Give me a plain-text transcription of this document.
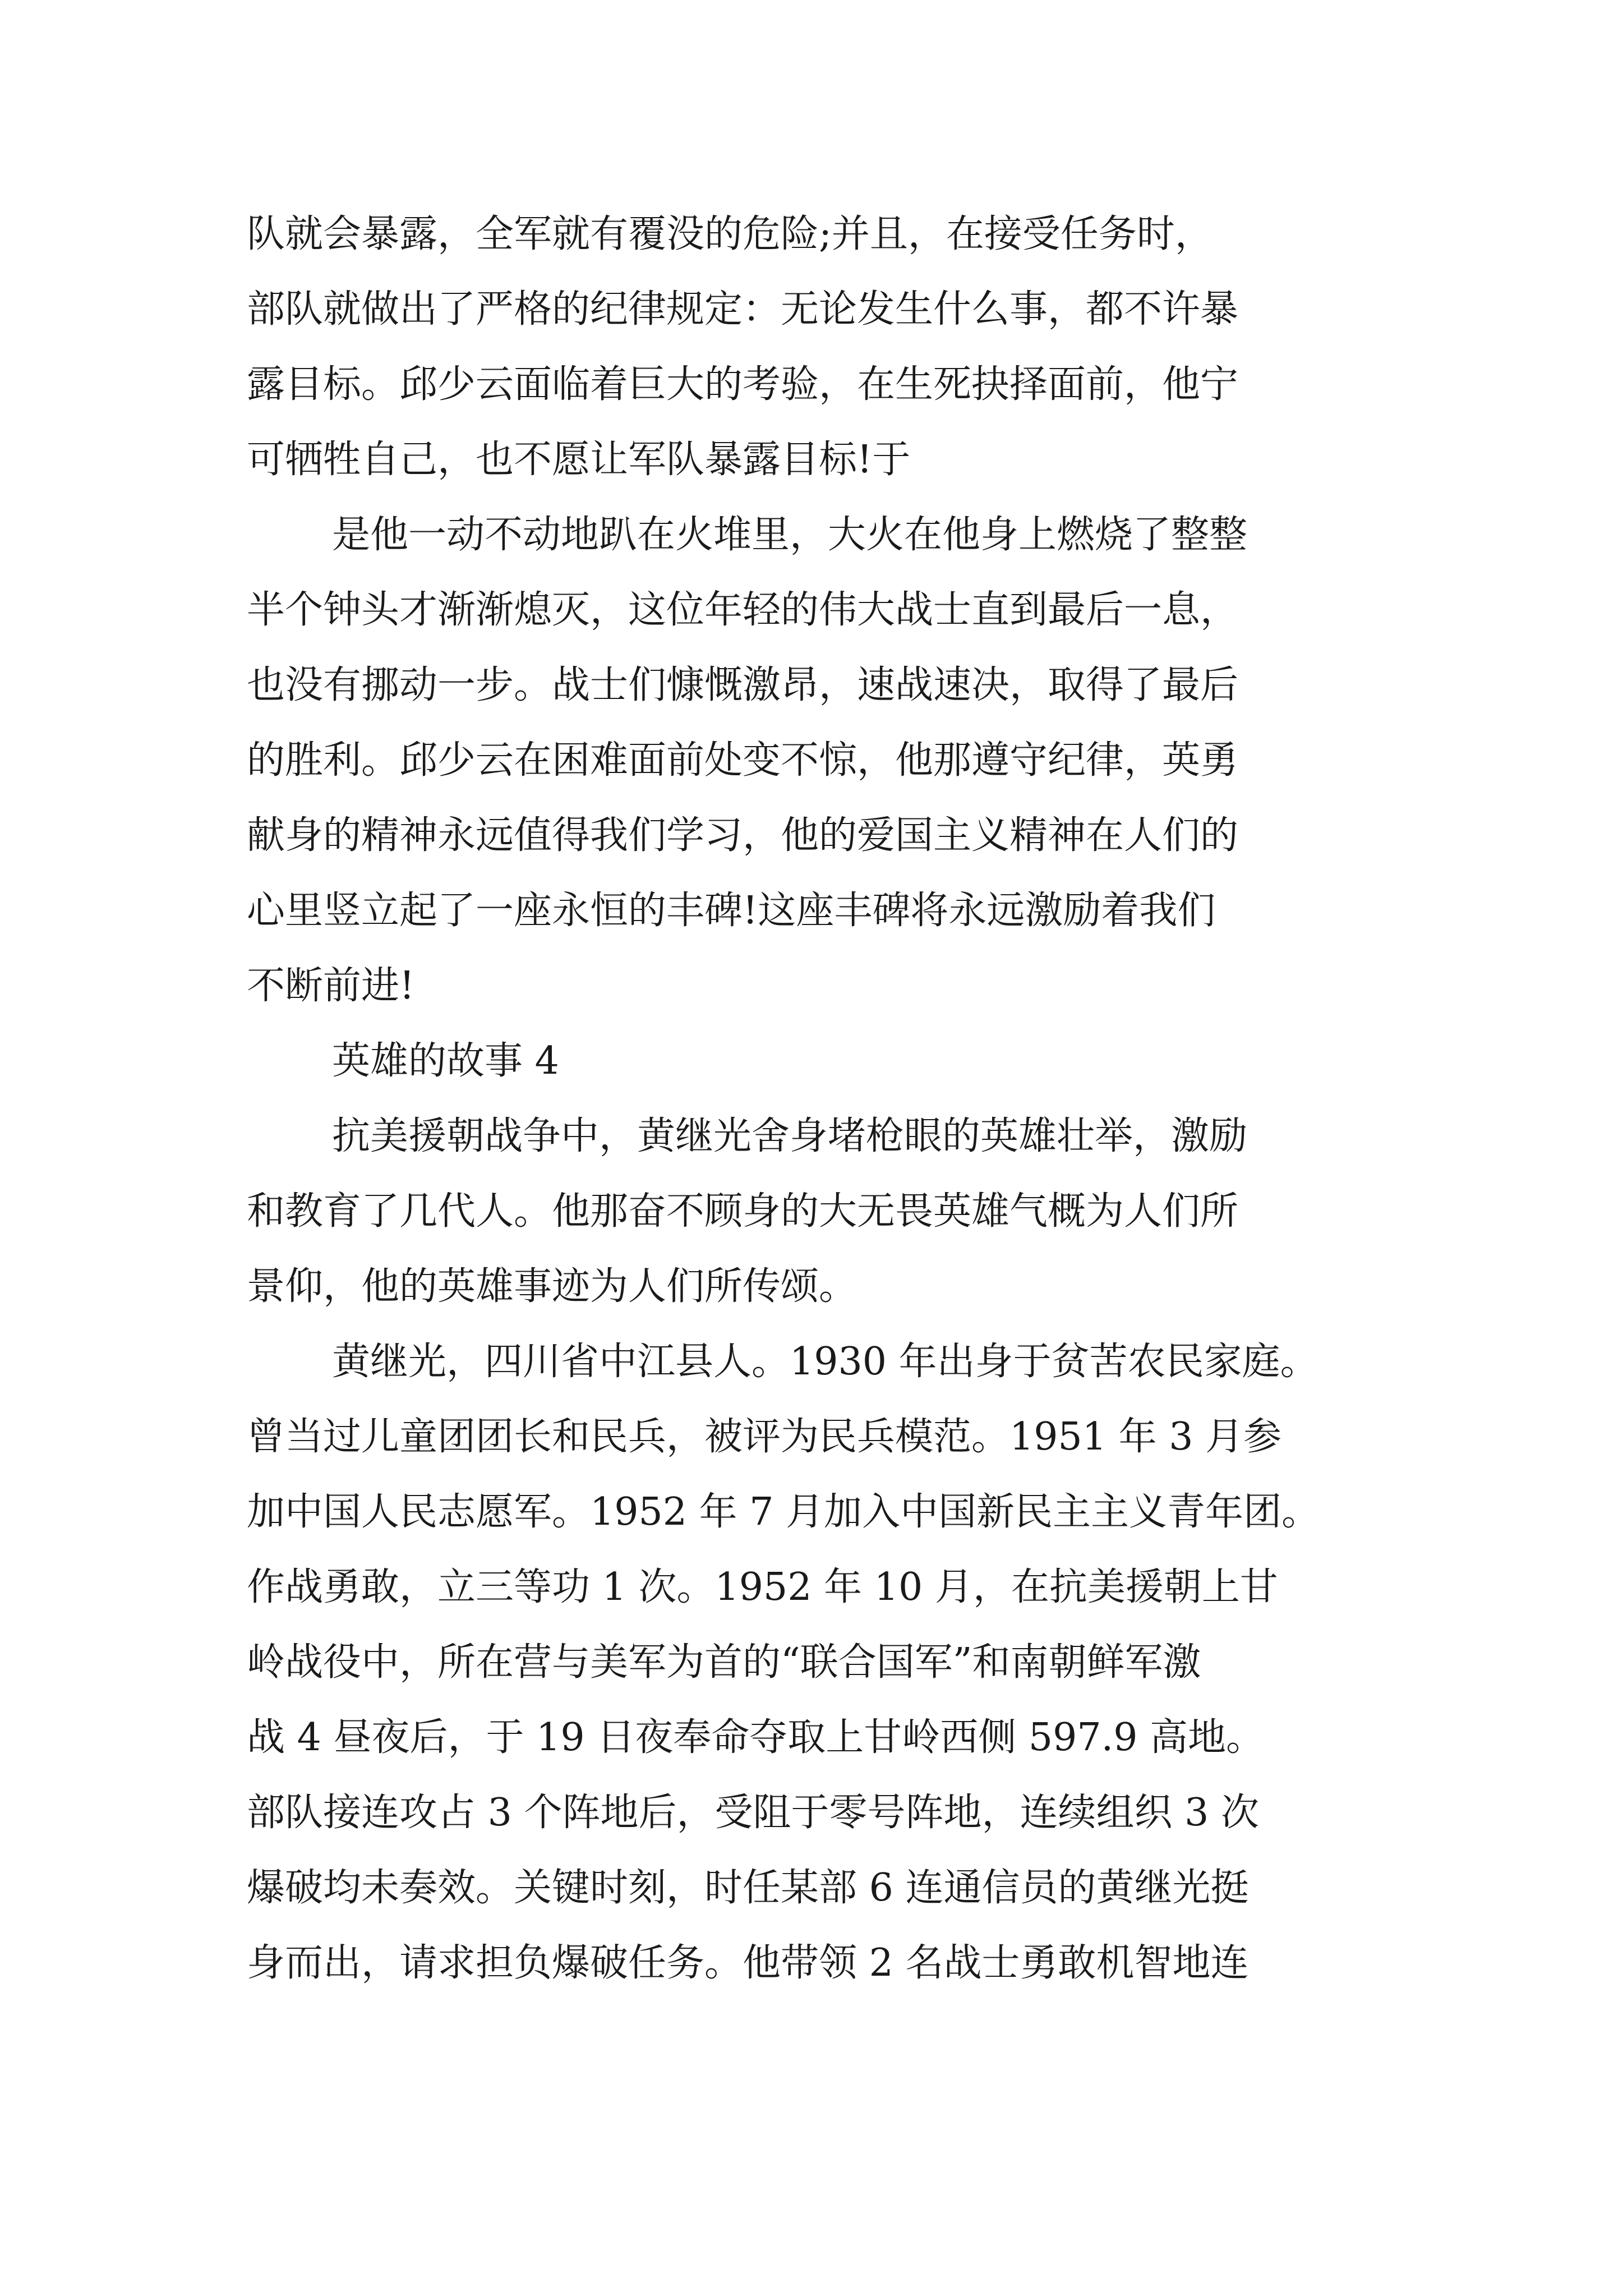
队就会暴露，全军就有覆没的危险;并且，在接受任务时，
部队就做出了严格的纪律规定：无论发生什么事，都不许暴
露目标。邱少云面临着巨大的考验，在生死抉择面前，他宁
可牺牲自己，也不愿让军队暴露目标!于
是他一动不动地趴在火堆里，大火在他身上燃烧了整整
半个钟头才渐渐熄灭，这位年轻的伟大战士直到最后一息，
也没有挪动一步。战士们慷慨激昂，速战速决，取得了最后
的胜利。邱少云在困难面前处变不惊，他那遵守纪律，英勇
献身的精神永远值得我们学习，他的爱国主义精神在人们的
心里竖立起了一座永恒的丰碑!这座丰碑将永远激励着我们
不断前进!
英雄的故事 4
抗美援朝战争中，黄继光舍身堵枪眼的英雄壮举，激励
和教育了几代人。他那奋不顾身的大无畏英雄气概为人们所
景仰，他的英雄事迹为人们所传颂。
黄继光，四川省中江县人。1930 年出身于贫苦农民家庭。
曾当过儿童团团长和民兵，被评为民兵模范。1951 年 3 月参
加中国人民志愿军。1952 年 7 月加入中国新民主主义青年团。
作战勇敢，立三等功 1 次。1952 年 10 月，在抗美援朝上甘
岭战役中，所在营与美军为首的“联合国军”和南朝鲜军激
战 4 昼夜后，于 19 日夜奉命夺取上甘岭西侧 597.9 高地。
部队接连攻占 3 个阵地后，受阻于零号阵地，连续组织 3 次
爆破均未奏效。关键时刻，时任某部 6 连通信员的黄继光挺
身而出，请求担负爆破任务。他带领 2 名战士勇敢机智地连
